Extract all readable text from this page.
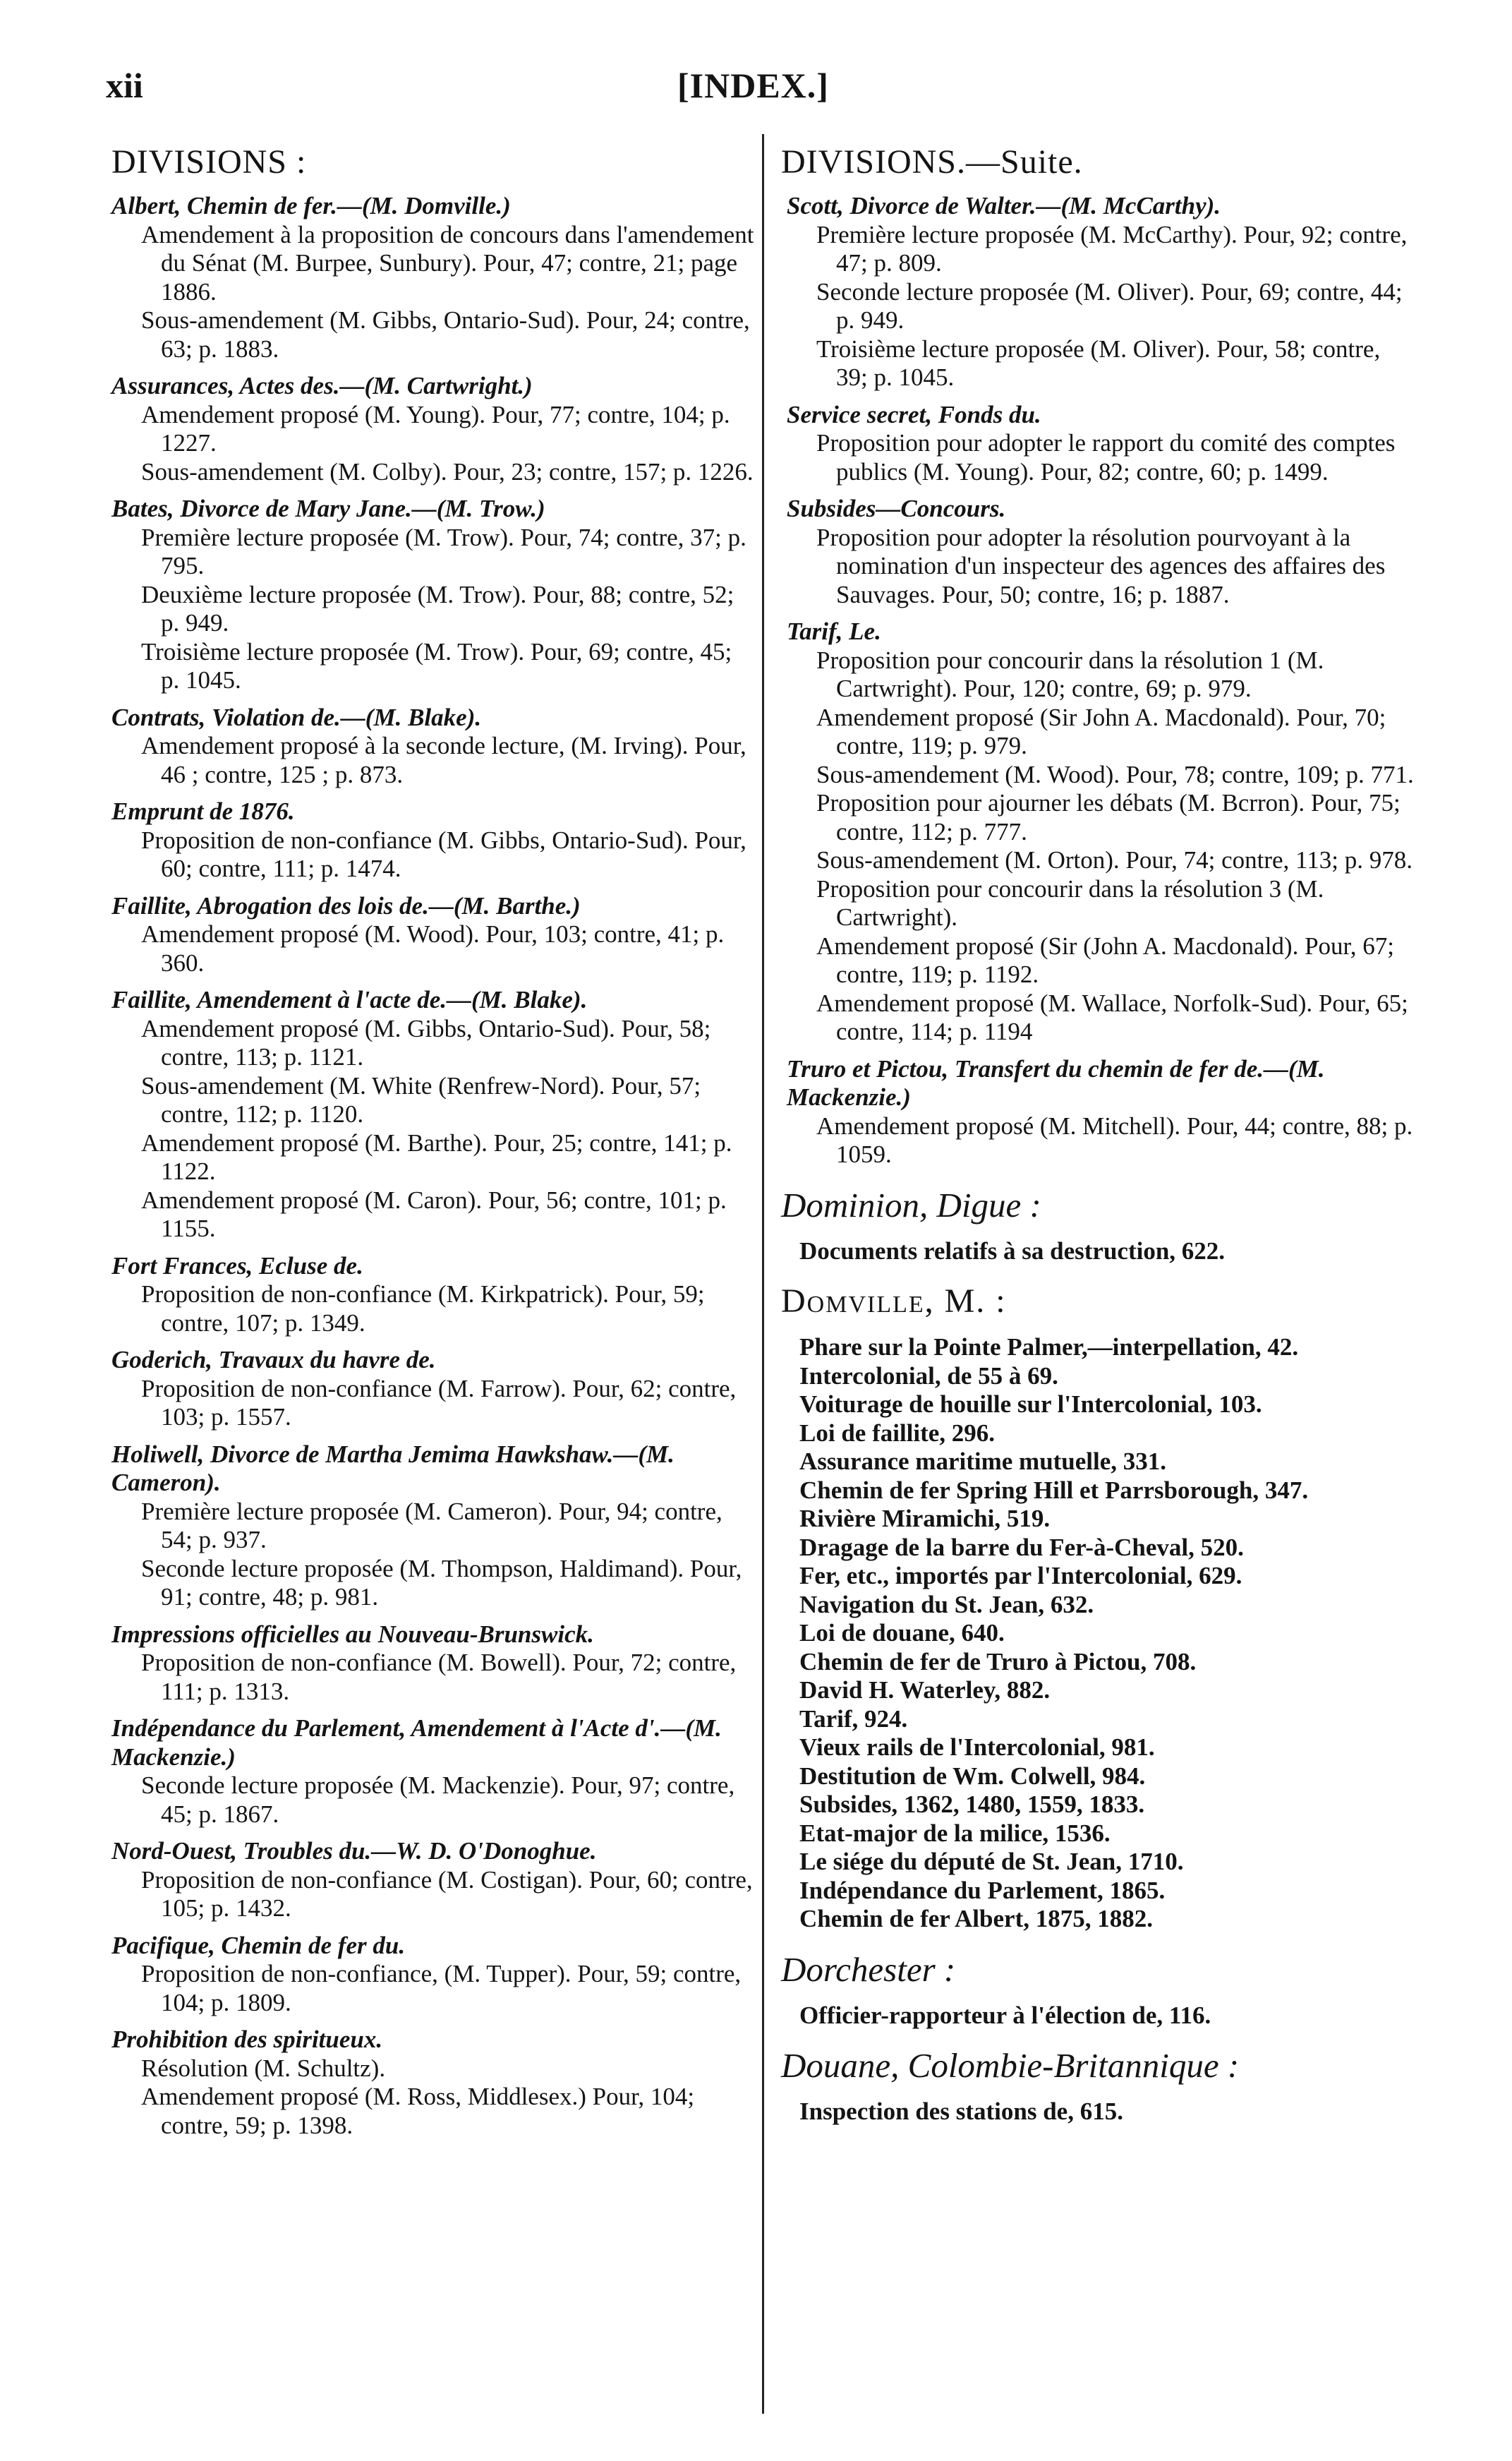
xii	[INDEX.]
DIVISIONS :
Albert, Chemin de fer.—(M. Domville.)
Amendement à la proposition de concours dans l'amendement du Sénat (M. Burpee, Sunbury). Pour, 47; contre, 21; page 1886.
Sous-amendement (M. Gibbs, Ontario-Sud). Pour, 24; contre, 63; p. 1883.
Assurances, Actes des.—(M. Cartwright.)
Amendement proposé (M. Young). Pour, 77; contre, 104; p. 1227.
Sous-amendement (M. Colby). Pour, 23; contre, 157; p. 1226.
Bates, Divorce de Mary Jane.—(M. Trow.)
Première lecture proposée (M. Trow). Pour, 74; contre, 37; p. 795.
Deuxième lecture proposée (M. Trow). Pour, 88; contre, 52; p. 949.
Troisième lecture proposée (M. Trow). Pour, 69; contre, 45; p. 1045.
Contrats, Violation de.—(M. Blake).
Amendement proposé à la seconde lecture, (M. Irving). Pour, 46 ; contre, 125 ; p. 873.
Emprunt de 1876.
Proposition de non-confiance (M. Gibbs, Ontario-Sud). Pour, 60; contre, 111; p. 1474.
Faillite, Abrogation des lois de.—(M. Barthe.)
Amendement proposé (M. Wood). Pour, 103; contre, 41; p. 360.
Faillite, Amendement à l'acte de.—(M. Blake).
Amendement proposé (M. Gibbs, Ontario-Sud). Pour, 58; contre, 113; p. 1121.
Sous-amendement (M. White (Renfrew-Nord). Pour, 57; contre, 112; p. 1120.
Amendement proposé (M. Barthe). Pour, 25; contre, 141; p. 1122.
Amendement proposé (M. Caron). Pour, 56; contre, 101; p. 1155.
Fort Frances, Ecluse de.
Proposition de non-confiance (M. Kirkpatrick). Pour, 59; contre, 107; p. 1349.
Goderich, Travaux du havre de.
Proposition de non-confiance (M. Farrow). Pour, 62; contre, 103; p. 1557.
Holiwell, Divorce de Martha Jemima Hawkshaw.—(M. Cameron).
Première lecture proposée (M. Cameron). Pour, 94; contre, 54; p. 937.
Seconde lecture proposée (M. Thompson, Haldimand). Pour, 91; contre, 48; p. 981.
Impressions officielles au Nouveau-Brunswick.
Proposition de non-confiance (M. Bowell). Pour, 72; contre, 111; p. 1313.
Indépendance du Parlement, Amendement à l'Acte d'.—(M. Mackenzie.)
Seconde lecture proposée (M. Mackenzie). Pour, 97; contre, 45; p. 1867.
Nord-Ouest, Troubles du.—W. D. O'Donoghue.
Proposition de non-confiance (M. Costigan). Pour, 60; contre, 105; p. 1432.
Pacifique, Chemin de fer du.
Proposition de non-confiance, (M. Tupper). Pour, 59; contre, 104; p. 1809.
Prohibition des spiritueux.
Résolution (M. Schultz).
Amendement proposé (M. Ross, Middlesex.) Pour, 104; contre, 59; p. 1398.
DIVISIONS.—Suite.
Scott, Divorce de Walter.—(M. McCarthy).
Première lecture proposée (M. McCarthy). Pour, 92; contre, 47; p. 809.
Seconde lecture proposée (M. Oliver). Pour, 69; contre, 44; p. 949.
Troisième lecture proposée (M. Oliver). Pour, 58; contre, 39; p. 1045.
Service secret, Fonds du.
Proposition pour adopter le rapport du comité des comptes publics (M. Young). Pour, 82; contre, 60; p. 1499.
Subsides—Concours.
Proposition pour adopter la résolution pourvoyant à la nomination d'un inspecteur des agences des affaires des Sauvages. Pour, 50; contre, 16; p. 1887.
Tarif, Le.
Proposition pour concourir dans la résolution 1 (M. Cartwright). Pour, 120; contre, 69; p. 979.
Amendement proposé (Sir John A. Macdonald). Pour, 70; contre, 119; p. 979.
Sous-amendement (M. Wood). Pour, 78; contre, 109; p. 771.
Proposition pour ajourner les débats (M. Bcrron). Pour, 75; contre, 112; p. 777.
Sous-amendement (M. Orton). Pour, 74; contre, 113; p. 978.
Proposition pour concourir dans la résolution 3 (M. Cartwright).
Amendement proposé (Sir (John A. Macdonald). Pour, 67; contre, 119; p. 1192.
Amendement proposé (M. Wallace, Norfolk-Sud). Pour, 65; contre, 114; p. 1194
Truro et Pictou, Transfert du chemin de fer de.—(M. Mackenzie.)
Amendement proposé (M. Mitchell). Pour, 44; contre, 88; p. 1059.
Dominion, Digue :
Documents relatifs à sa destruction, 622.
Domville, M. :
Phare sur la Pointe Palmer,—interpellation, 42.
Intercolonial, de 55 à 69.
Voiturage de houille sur l'Intercolonial, 103.
Loi de faillite, 296.
Assurance maritime mutuelle, 331.
Chemin de fer Spring Hill et Parrsborough, 347.
Rivière Miramichi, 519.
Dragage de la barre du Fer-à-Cheval, 520.
Fer, etc., importés par l'Intercolonial, 629.
Navigation du St. Jean, 632.
Loi de douane, 640.
Chemin de fer de Truro à Pictou, 708.
David H. Waterley, 882.
Tarif, 924.
Vieux rails de l'Intercolonial, 981.
Destitution de Wm. Colwell, 984.
Subsides, 1362, 1480, 1559, 1833.
Etat-major de la milice, 1536.
Le siége du député de St. Jean, 1710.
Indépendance du Parlement, 1865.
Chemin de fer Albert, 1875, 1882.
Dorchester :
Officier-rapporteur à l'élection de, 116.
Douane, Colombie-Britannique :
Inspection des stations de, 615.
